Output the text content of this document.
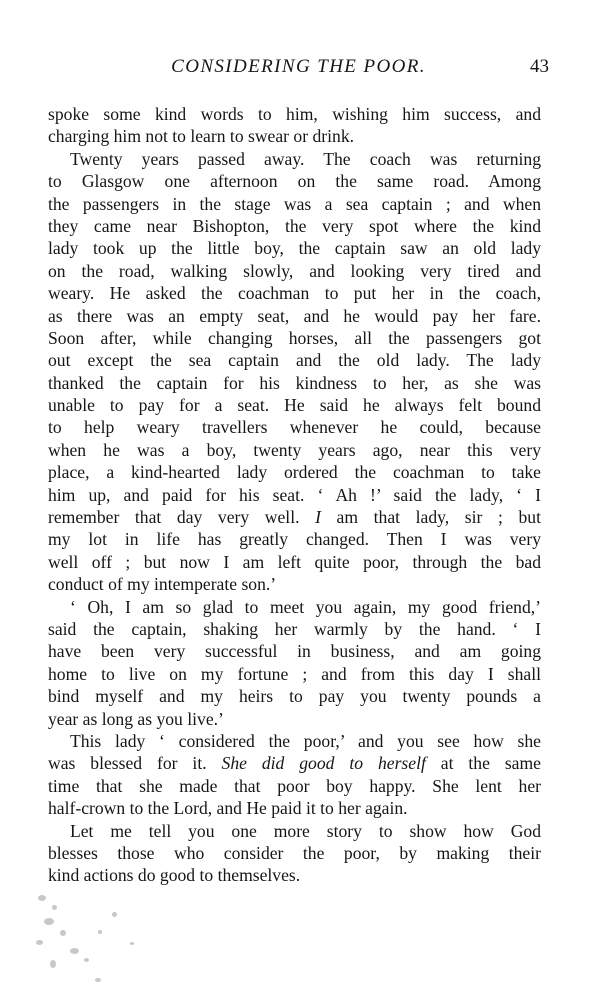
CONSIDERING THE POOR.	43
spoke some kind words to him, wishing him success, and
charging him not to learn to swear or drink.
Twenty years passed away. The coach was returning
to Glasgow one afternoon on the same road. Among
the passengers in the stage was a sea captain ; and when
they came near Bishopton, the very spot where the kind
lady took up the little boy, the captain saw an old lady
on the road, walking slowly, and looking very tired and
weary. He asked the coachman to put her in the coach,
as there was an empty seat, and he would pay her fare.
Soon after, while changing horses, all the passengers got
out except the sea captain and the old lady. The lady
thanked the captain for his kindness to her, as she was
unable to pay for a seat. He said he always felt bound
to help weary travellers whenever he could, because
when he was a boy, twenty years ago, near this very
place, a kind-hearted lady ordered the coachman to take
him up, and paid for his seat. ‘ Ah !’ said the lady, ‘ I
remember that day very well. I am that lady, sir ; but
my lot in life has greatly changed. Then I was very
well off ; but now I am left quite poor, through the bad
conduct of my intemperate son.’
‘ Oh, I am so glad to meet you again, my good friend,’
said the captain, shaking her warmly by the hand. ‘ I
have been very successful in business, and am going
home to live on my fortune ; and from this day I shall
bind myself and my heirs to pay you twenty pounds a
year as long as you live.’
This lady ‘ considered the poor,’ and you see how she
was blessed for it. She did good to herself at the same
time that she made that poor boy happy. She lent her
half-crown to the Lord, and He paid it to her again.
Let me tell you one more story to show how God
blesses those who consider the poor, by making their
kind actions do good to themselves.
